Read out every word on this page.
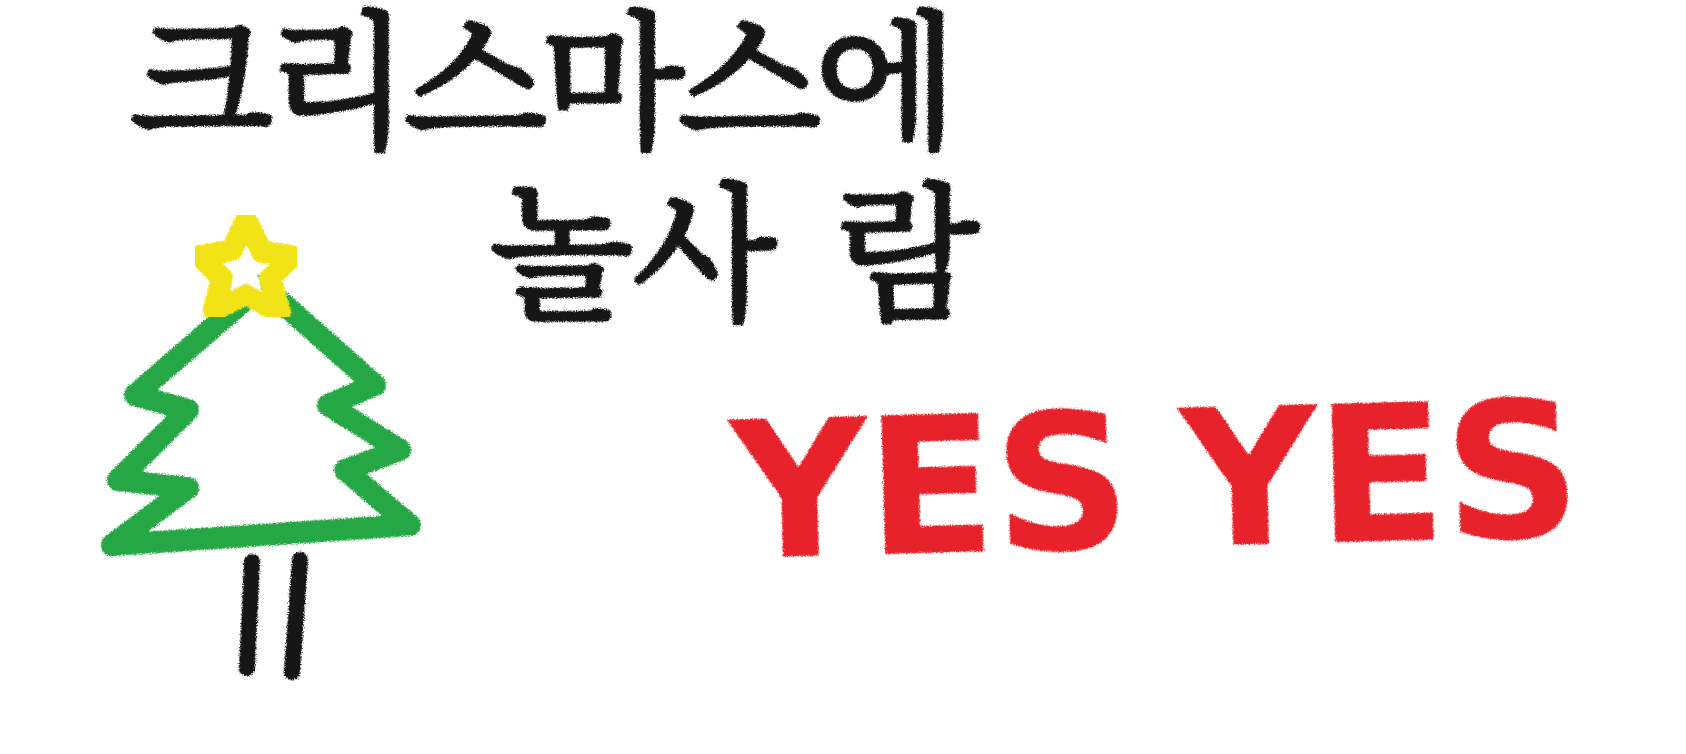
크리스마스에
놀사 람
YES YES
